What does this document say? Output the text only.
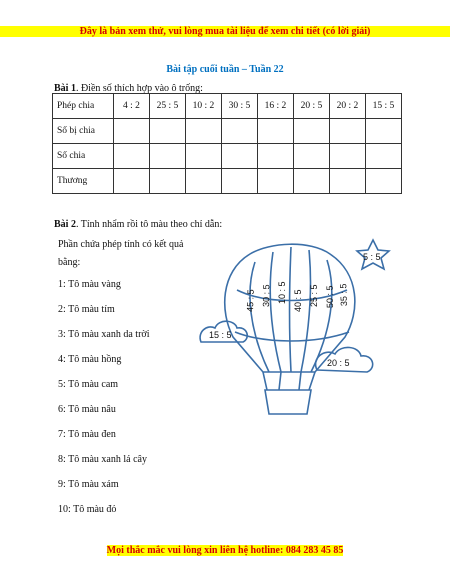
Đây là bản xem thử, vui lòng mua tài liệu để xem chi tiết (có lời giải)
Bài tập cuối tuần – Tuần 22
Bài 1. Điền số thích hợp vào ô trống:
Phép chia	4 : 2	25 : 5	10 : 2	30 : 5	16 : 2	20 : 5	20 : 2	15 : 5
Số bị chia								
Số chia								
Thương								
Bài 2. Tính nhẩm rồi tô màu theo chỉ dẫn:
Phần chứa phép tính có kết quả bằng:
1: Tô màu vàng
2: Tô màu tím
3: Tô màu xanh da trời
4: Tô màu hồng
5: Tô màu cam
6: Tô màu nâu
7: Tô màu đen
8: Tô màu xanh lá cây
9: Tô màu xám
10: Tô màu đỏ
45 : 5 30 : 5 10 : 5 40 : 5 25 : 5 50 : 5 35 : 5
5 : 5
15 : 5
20 : 5
Mọi thắc mắc vui lòng xin liên hệ hotline: 084 283 45 85
